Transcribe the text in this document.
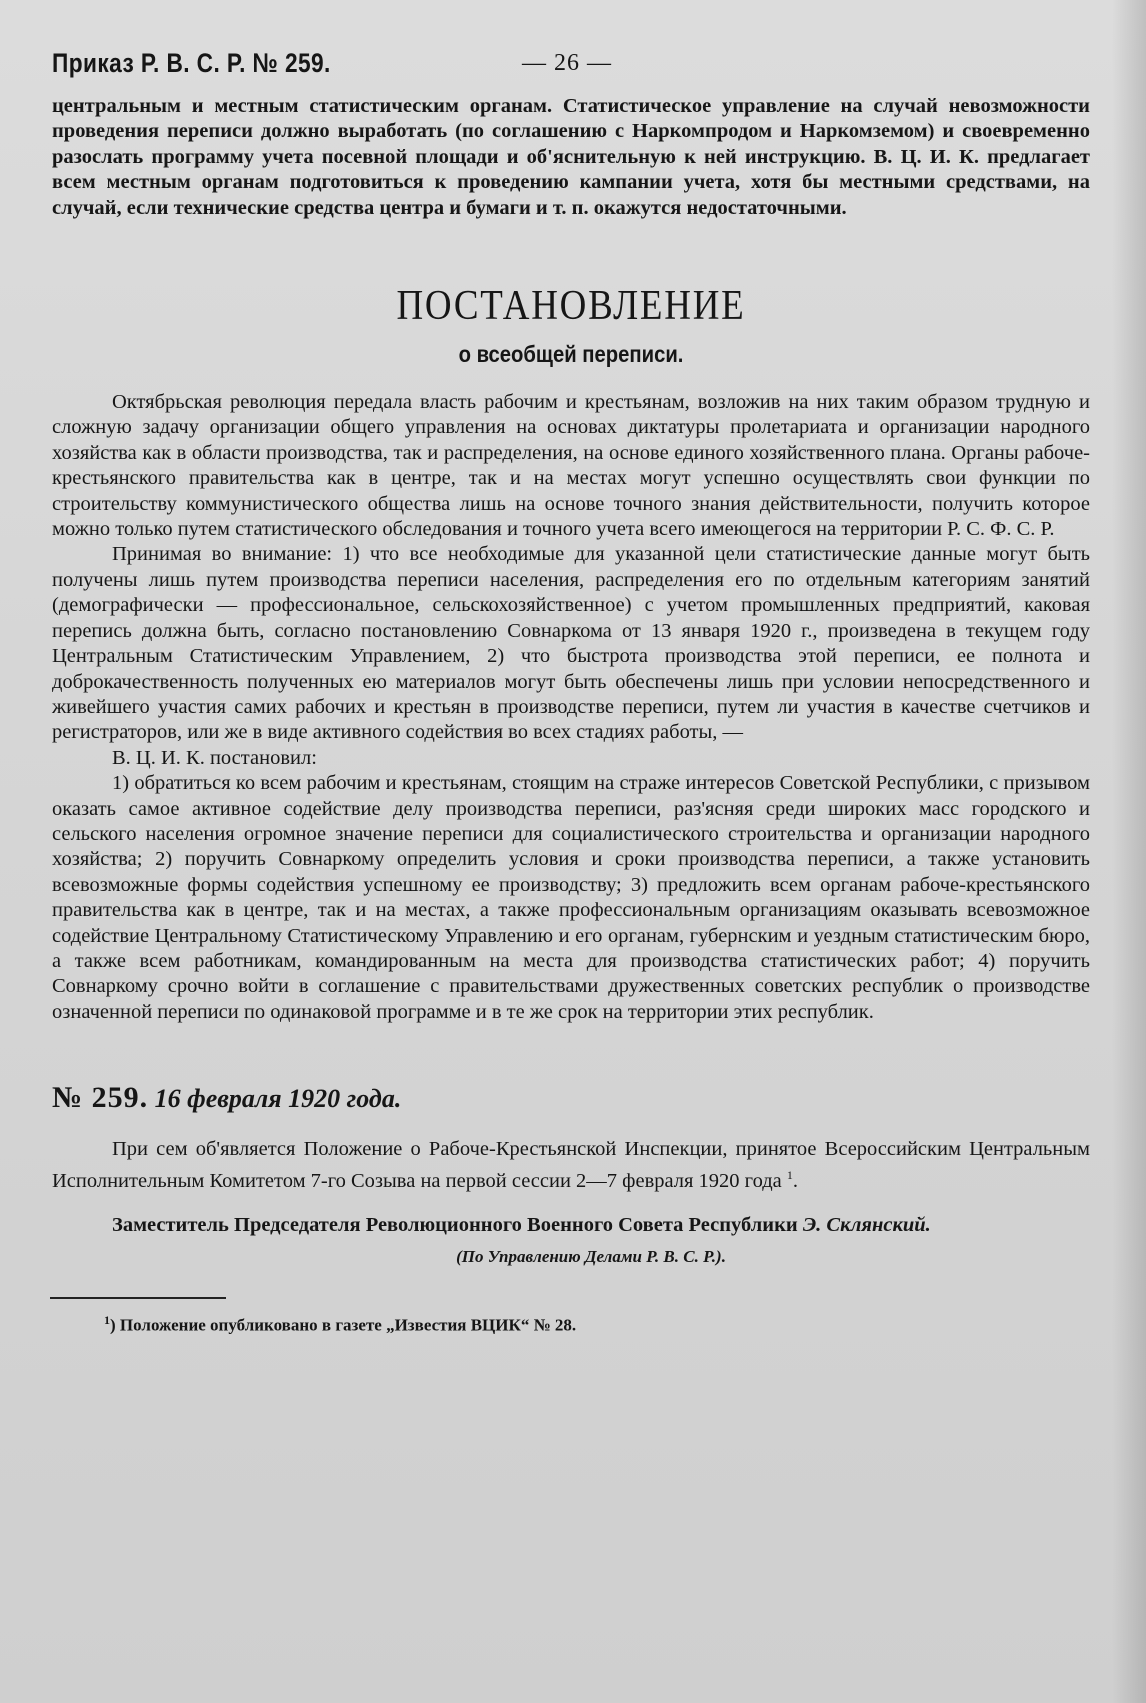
Приказ Р. В. С. Р. № 259.	— 26 —

центральным и местным статистическим органам. Статистическое управление на случай невозможности проведения переписи должно выработать (по соглашению с Наркомпродом и Наркомземом) и своевременно разослать программу учета посевной площади и об'яснительную к ней инструкцию. В. Ц. И. К. предлагает всем местным органам подготовиться к проведению кампании учета, хотя бы местными средствами, на случай, если технические средства центра и бумаги и т. п. окажутся недостаточными.

ПОСТАНОВЛЕНИЕ
о всеобщей переписи.

Октябрьская революция передала власть рабочим и крестьянам, возложив на них таким образом трудную и сложную задачу организации общего управления на основах диктатуры пролетариата и организации народного хозяйства как в области производства, так и распределения, на основе единого хозяйственного плана. Органы рабоче-крестьянского правительства как в центре, так и на местах могут успешно осуществлять свои функции по строительству коммунистического общества лишь на основе точного знания действительности, получить которое можно только путем статистического обследования и точного учета всего имеющегося на территории Р. С. Ф. С. Р.

Принимая во внимание: 1) что все необходимые для указанной цели статистические данные могут быть получены лишь путем производства переписи населения, распределения его по отдельным категориям занятий (демографически — профессиональное, сельскохозяйственное) с учетом промышленных предприятий, каковая перепись должна быть, согласно постановлению Совнаркома от 13 января 1920 г., произведена в текущем году Центральным Статистическим Управлением, 2) что быстрота производства этой переписи, ее полнота и доброкачественность полученных ею материалов могут быть обеспечены лишь при условии непосредственного и живейшего участия самих рабочих и крестьян в производстве переписи, путем ли участия в качестве счетчиков и регистраторов, или же в виде активного содействия во всех стадиях работы, —

В. Ц. И. К. постановил:

1) обратиться ко всем рабочим и крестьянам, стоящим на страже интересов Советской Республики, с призывом оказать самое активное содействие делу производства переписи, раз'ясняя среди широких масс городского и сельского населения огромное значение переписи для социалистического строительства и организации народного хозяйства; 2) поручить Совнаркому определить условия и сроки производства переписи, а также установить всевозможные формы содействия успешному ее производству; 3) предложить всем органам рабоче-крестьянского правительства как в центре, так и на местах, а также профессиональным организациям оказывать всевозможное содействие Центральному Статистическому Управлению и его органам, губернским и уездным статистическим бюро, а также всем работникам, командированным на места для производства статистических работ; 4) поручить Совнаркому срочно войти в соглашение с правительствами дружественных советских республик о производстве означенной переписи по одинаковой программе и в те же срок на территории этих республик.

№ 259. 16 февраля 1920 года.

При сем об'является Положение о Рабоче-Крестьянской Инспекции, принятое Всероссийским Центральным Исполнительным Комитетом 7-го Созыва на первой сессии 2—7 февраля 1920 года $^1$.

Заместитель Председателя Революционного Военного Совета Республики Э. Склянский.
(По Управлению Делами Р. В. С. Р.).
$^1$) Положение опубликовано в газете „Известия ВЦИК“ № 28.
